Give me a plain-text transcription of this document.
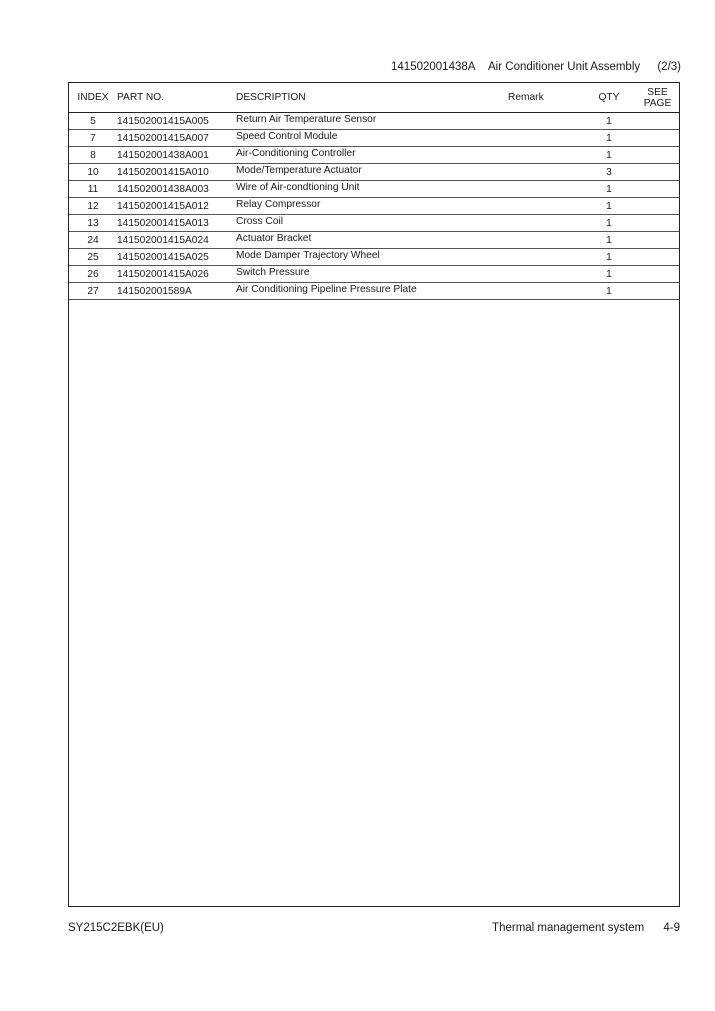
141502001438A Air Conditioner Unit Assembly (2/3)
INDEX	PART NO.	DESCRIPTION	Remark	QTY	SEE
PAGE
5	141502001415A005	Return Air Temperature Sensor		1	
7	141502001415A007	Speed Control Module		1	
8	141502001438A001	Air-Conditioning Controller		1	
10	141502001415A010	Mode/Temperature Actuator		3	
11	141502001438A003	Wire of Air-condtioning Unit		1	
12	141502001415A012	Relay Compressor		1	
13	141502001415A013	Cross Coil		1	
24	141502001415A024	Actuator Bracket		1	
25	141502001415A025	Mode Damper Trajectory Wheel		1	
26	141502001415A026	Switch Pressure		1	
27	141502001589A	Air Conditioning Pipeline Pressure Plate		1	
SY215C2EBK(EU)	Thermal management system 4-9
